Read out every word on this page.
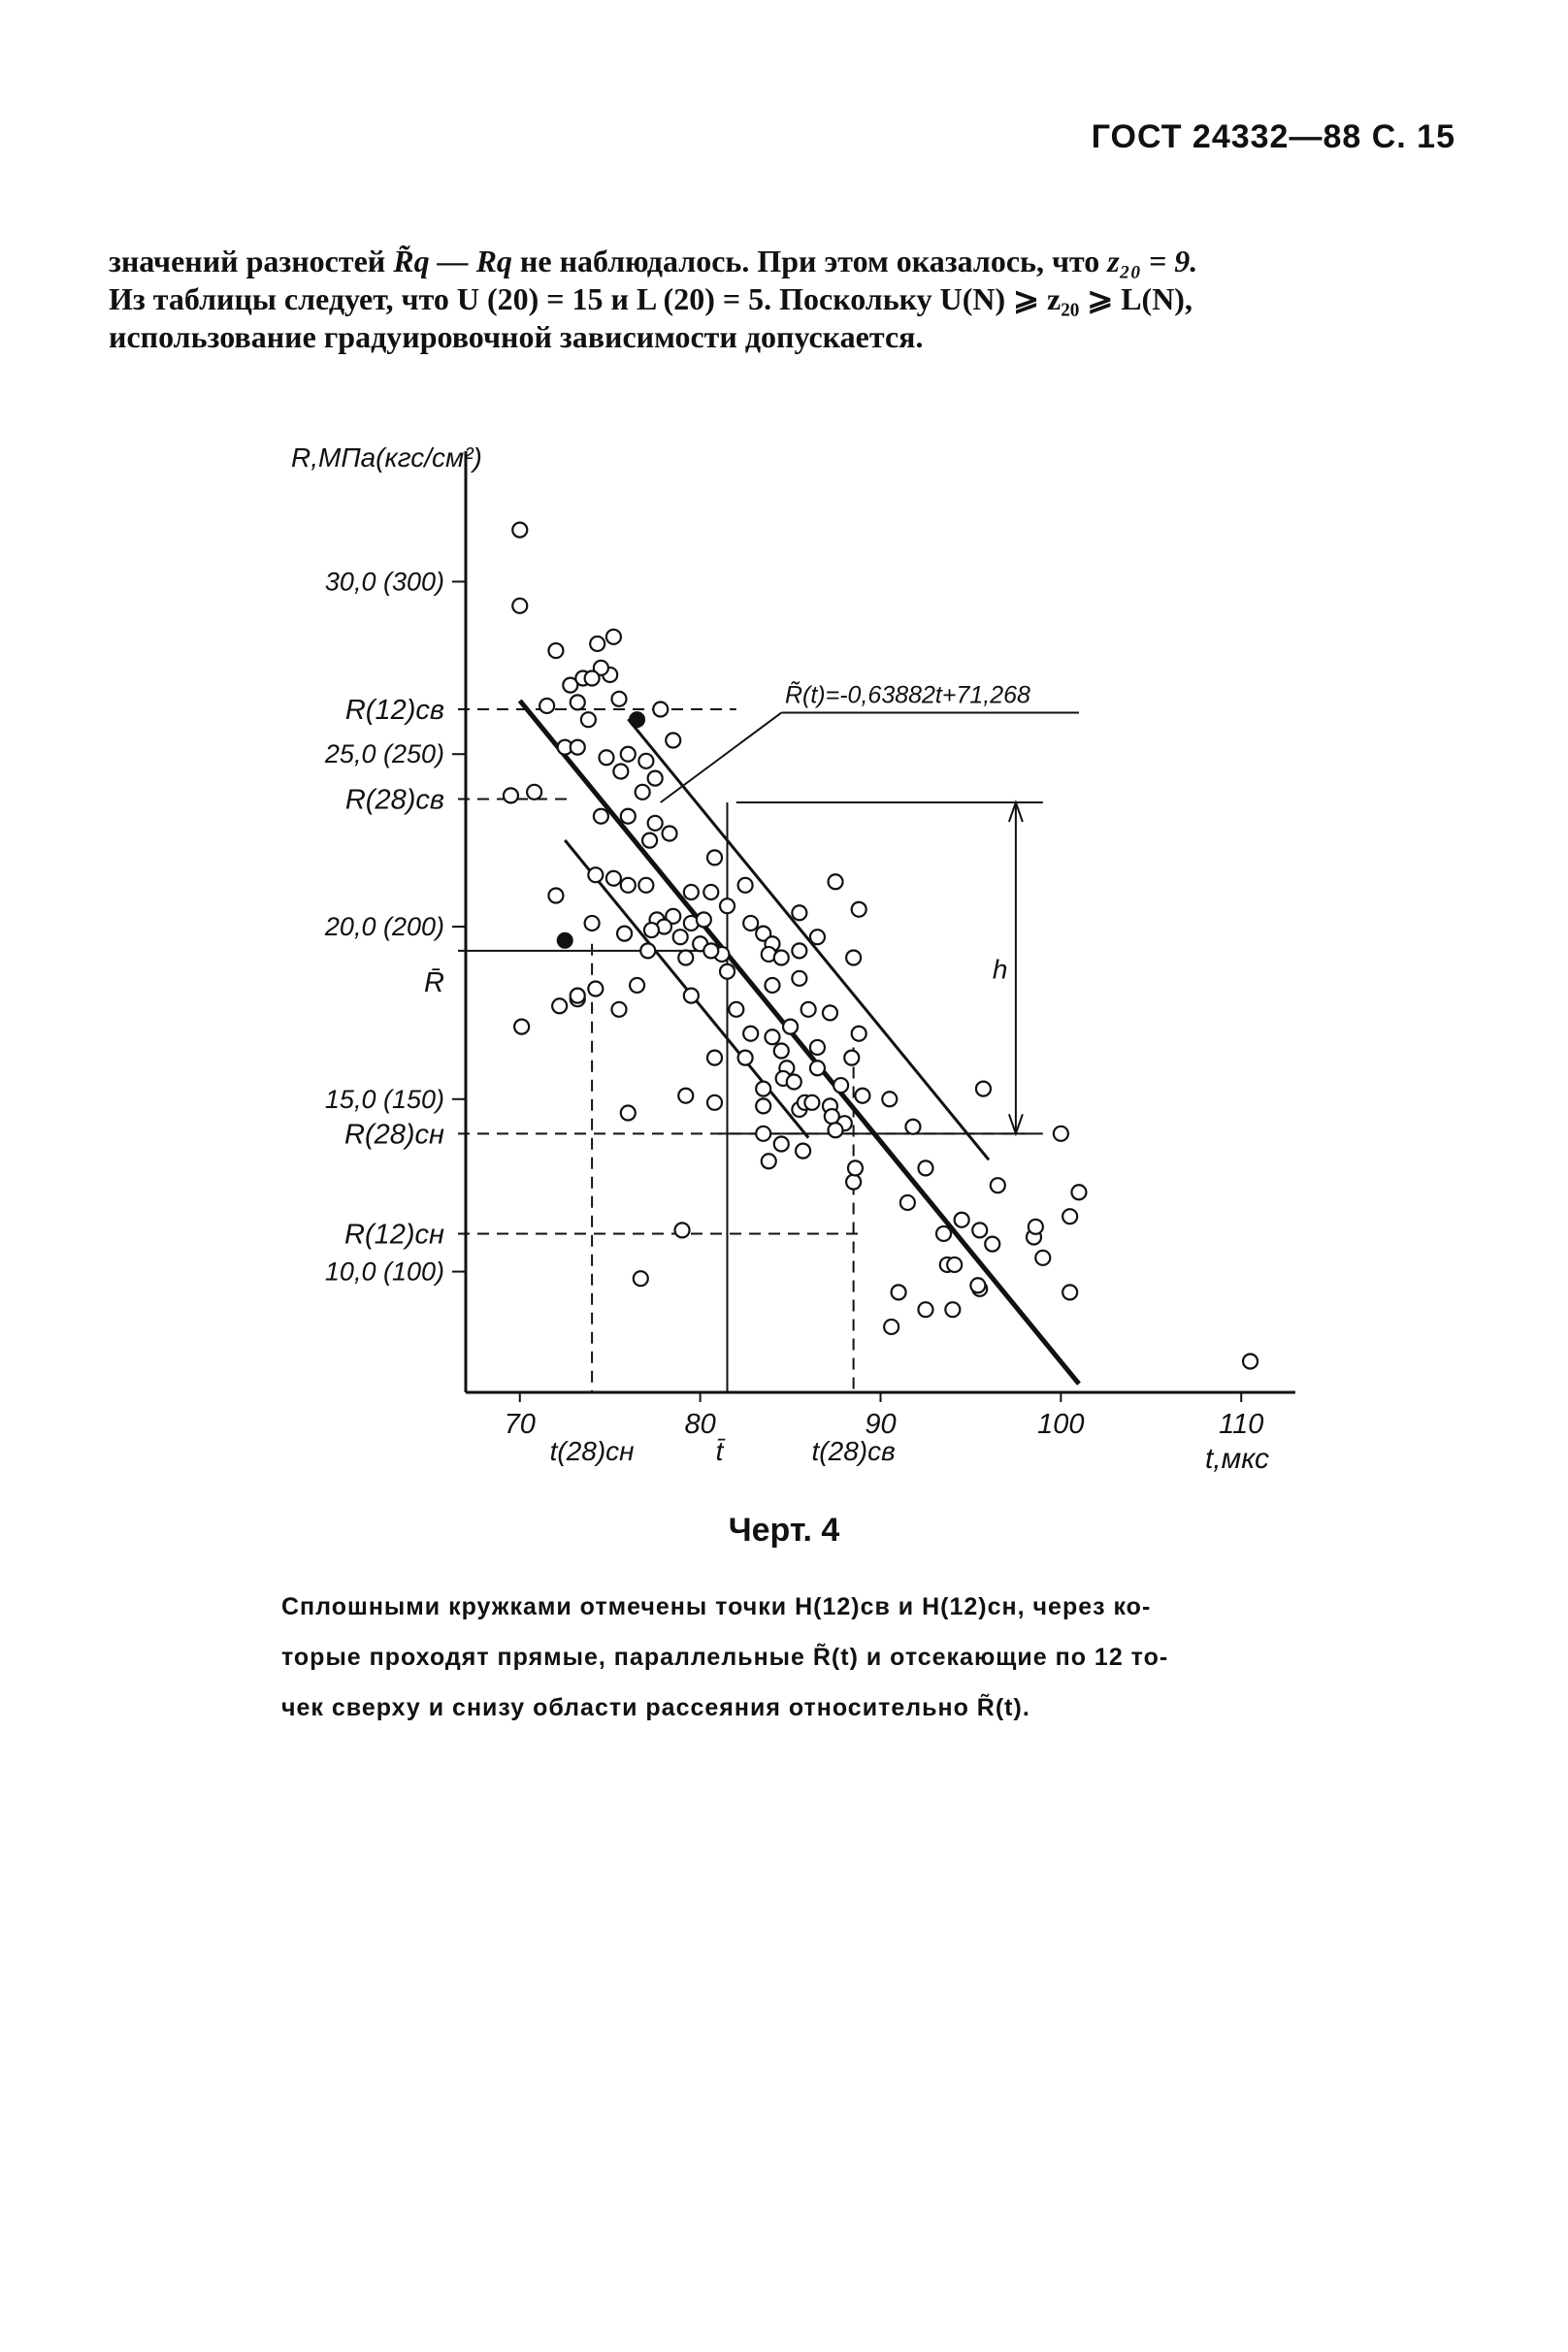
ГОСТ 24332—88 С. 15
значений разностей R̃q — Rq не наблюдалось. При этом оказалось, что z₂₀ = 9.
Из таблицы следует, что U (20) = 15 и L (20) = 5. Поскольку U(N) ⩾ z₂₀ ⩾ L(N),
использование градуировочной зависимости допускается.
30,0 (300)
25,0 (250)
20,0 (200)
15,0 (150)
10,0 (100)
R,МПа(кгс/см²)
R(12)св
R(28)св
R̄
R(28)сн
R(12)сн
70	80	90	100	110
t(28)сн	t̄	t(28)св	t,мкс
R̃(t)=-0,63882t+71,268
h
Черт. 4
Сплошными кружками отмечены точки H(12)св и H(12)сн, через ко-
торые проходят прямые, параллельные R̃(t) и отсекающие по 12 то-
чек сверху и снизу области рассеяния относительно R̃(t).
